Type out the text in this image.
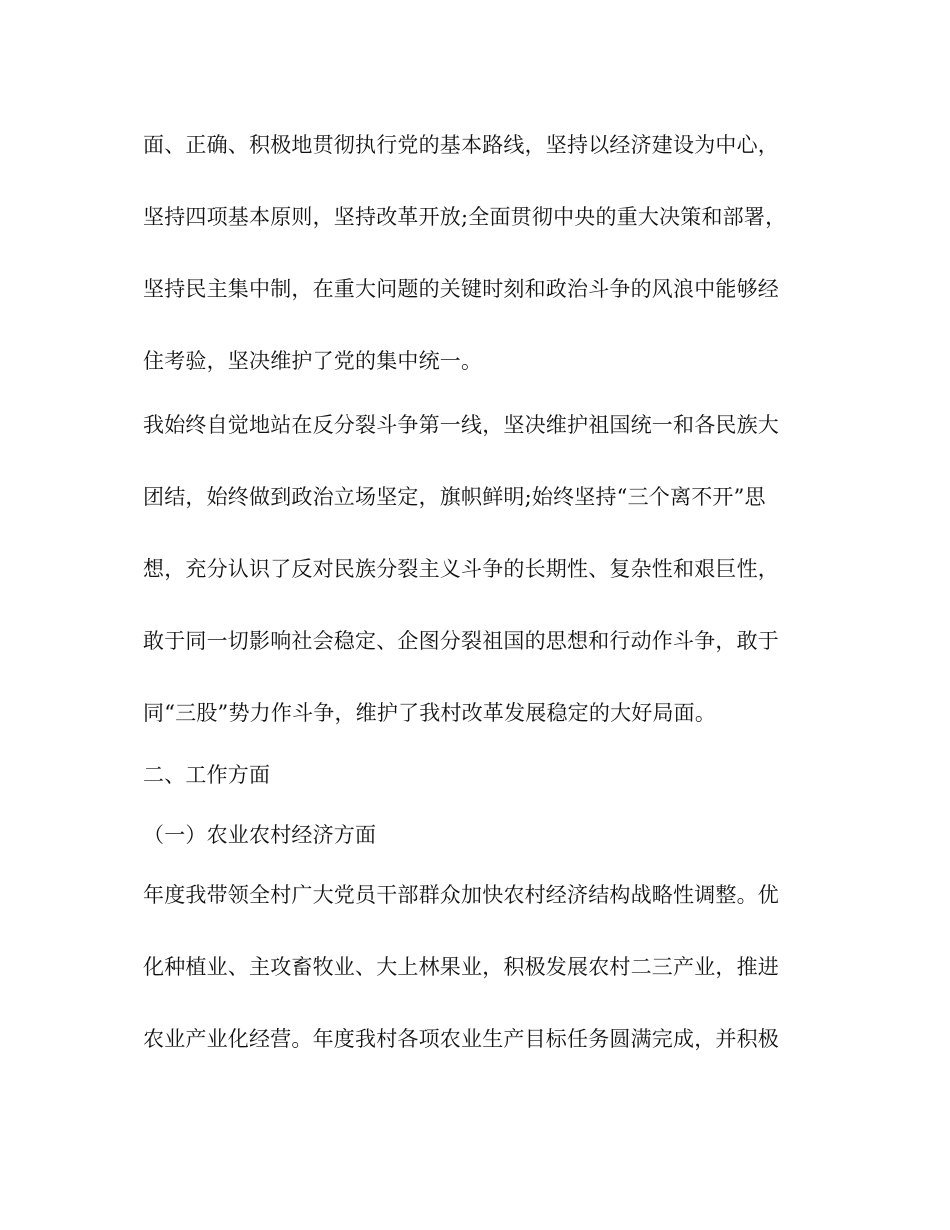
面、正确、积极地贯彻执行党的基本路线，坚持以经济建设为中心，
坚持四项基本原则，坚持改革开放;全面贯彻中央的重大决策和部署，
坚持民主集中制，在重大问题的关键时刻和政治斗争的风浪中能够经
住考验，坚决维护了党的集中统一。
我始终自觉地站在反分裂斗争第一线，坚决维护祖国统一和各民族大
团结，始终做到政治立场坚定，旗帜鲜明;始终坚持“三个离不开”思
想，充分认识了反对民族分裂主义斗争的长期性、复杂性和艰巨性，
敢于同一切影响社会稳定、企图分裂祖国的思想和行动作斗争，敢于
同“三股”势力作斗争，维护了我村改革发展稳定的大好局面。
二、工作方面
（一）农业农村经济方面
年度我带领全村广大党员干部群众加快农村经济结构战略性调整。优
化种植业、主攻畜牧业、大上林果业，积极发展农村二三产业，推进
农业产业化经营。年度我村各项农业生产目标任务圆满完成，并积极
